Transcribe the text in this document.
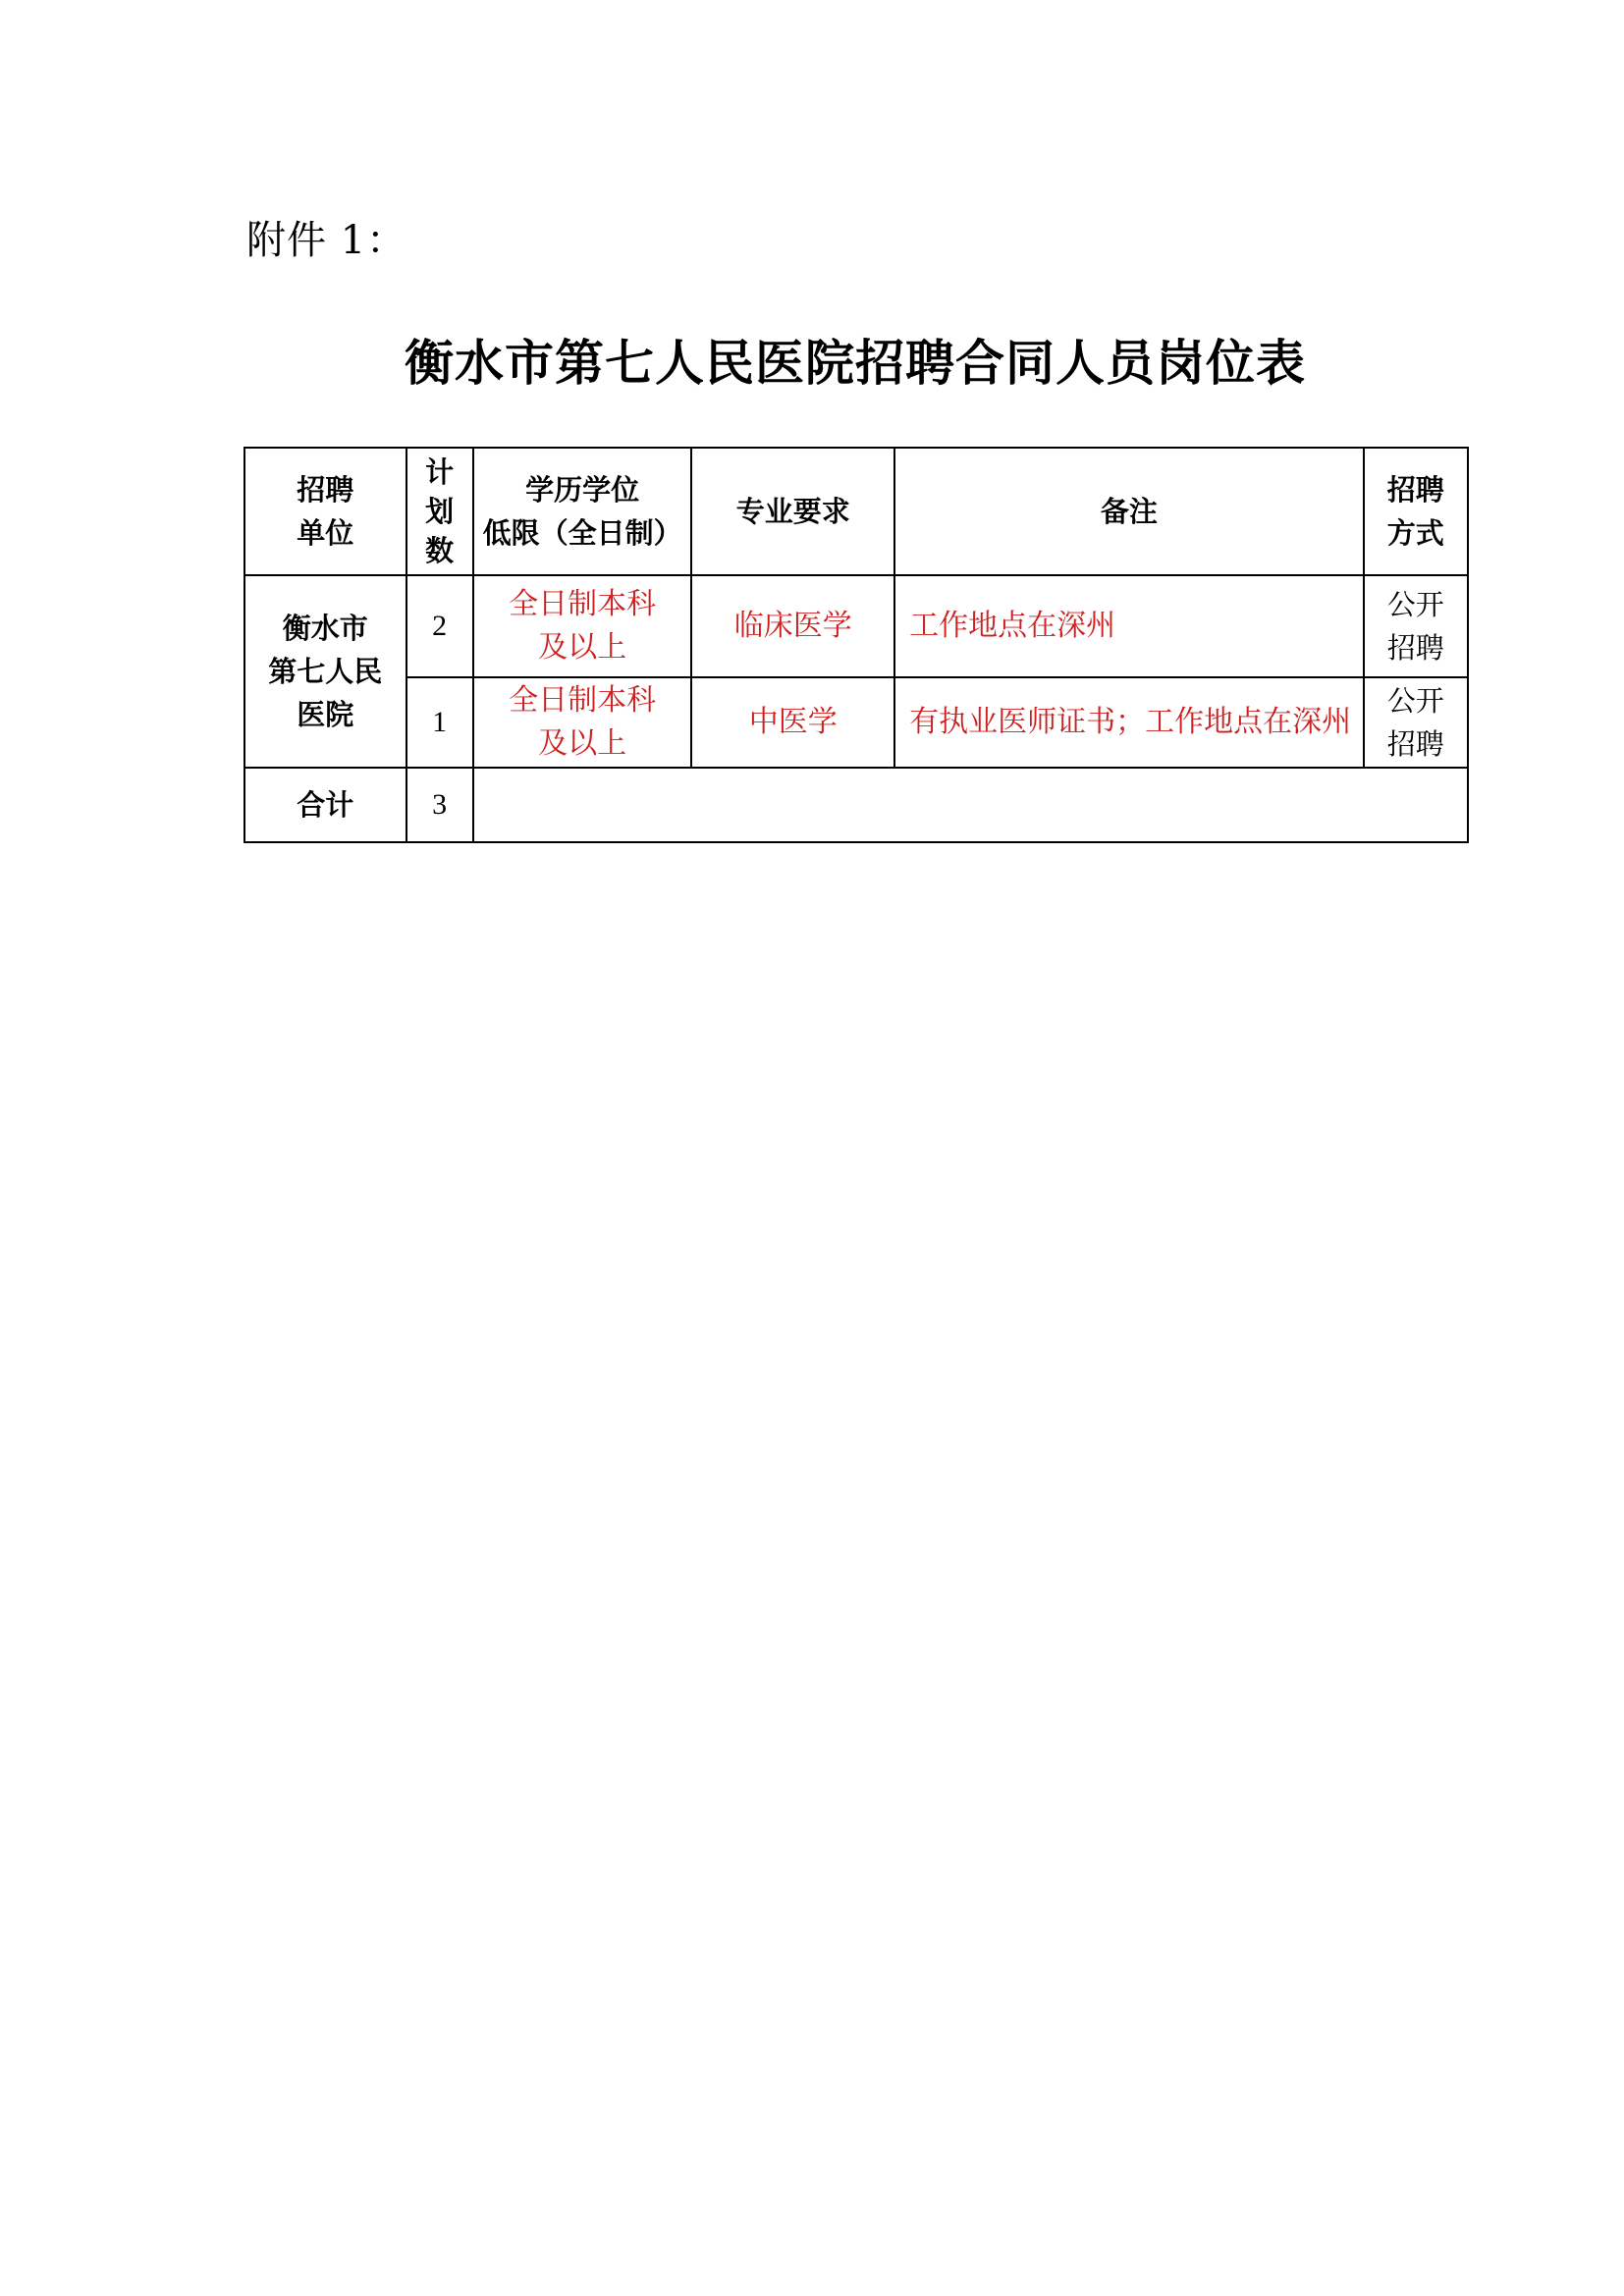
附件 1：
衡水市第七人民医院招聘合同人员岗位表
招聘
单位	计
划
数	学历学位
低限（全日制）	专业要求	备注	招聘
方式

衡水市
第七人民
医院	2	全日制本科
及以上	临床医学	工作地点在深州	公开
招聘

	1	全日制本科
及以上	中医学	有执业医师证书；工作地点在深州	公开
招聘

合计	3				
